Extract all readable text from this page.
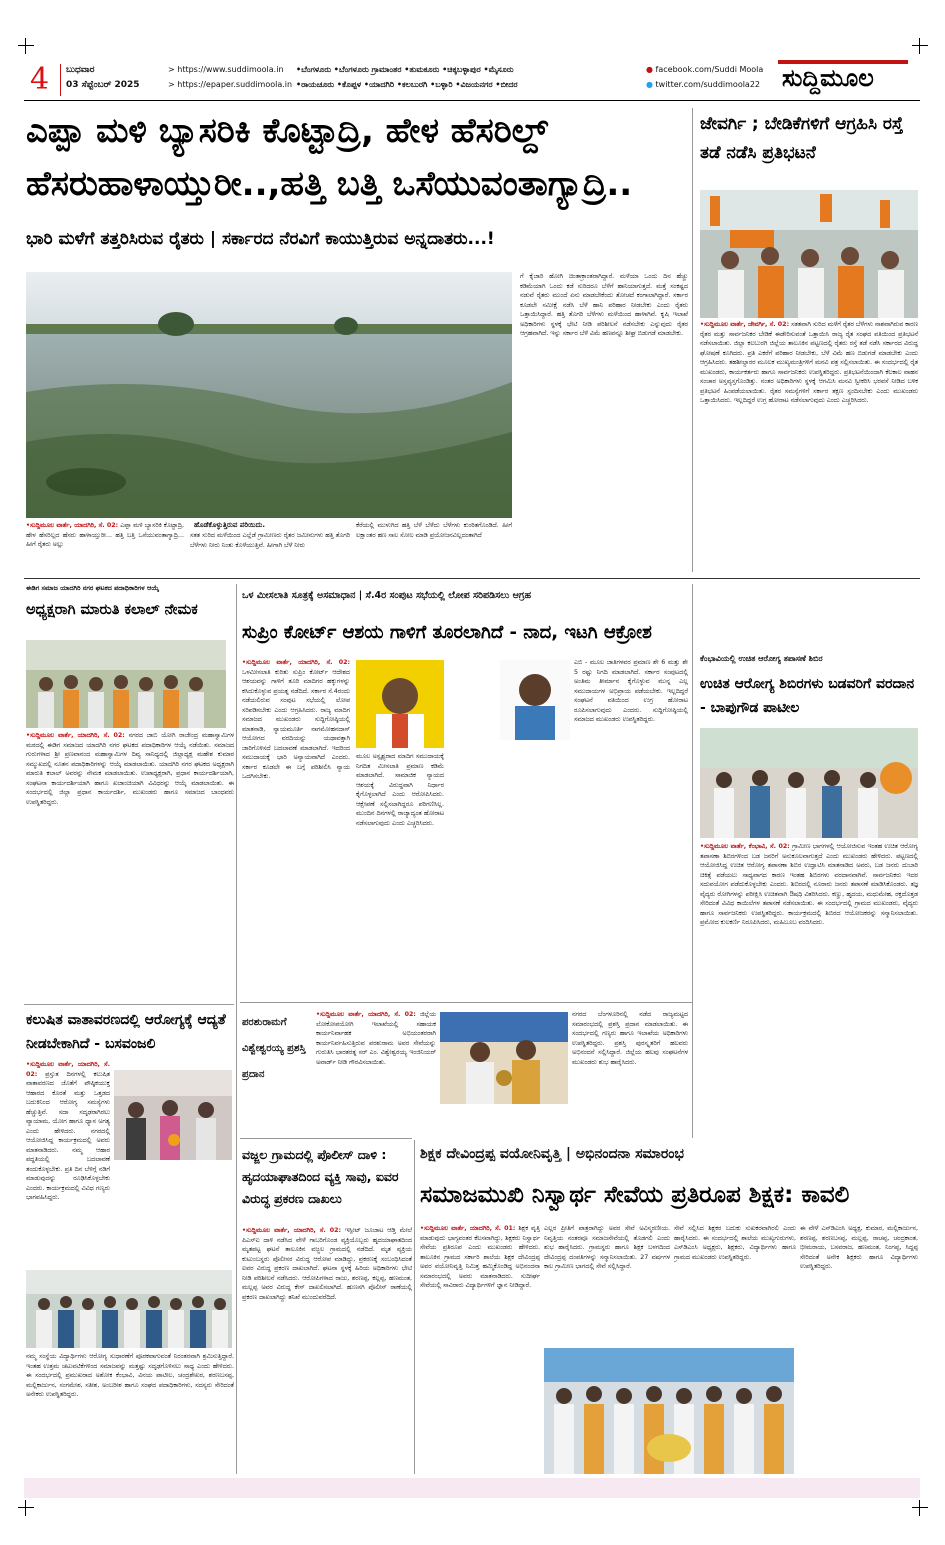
4 ಬುಧವಾರ
03 ಸೆಪ್ಟೆಂಬರ್ 2025
> https://www.suddimoola.in
> https://epaper.suddimoola.in
•ಬೆಂಗಳೂರು •ಬೆಂಗಳೂರು ಗ್ರಾಮಾಂತರ •ತುಮಕೂರು •ಚಿಕ್ಕಬಳ್ಳಾಪುರ •ಮೈಸೂರು
•ರಾಯಚೂರು •ಕೊಪ್ಪಳ •ಯಾದಗಿರಿ •ಕಲಬುರಗಿ •ಬಳ್ಳಾರಿ •ವಿಜಯನಗರ •ಬೀದರ
● facebook.com/Suddi Moola
● twitter.com/suddimoola22 ಸುದ್ದಿಮೂಲ
ಎಪ್ಪಾ ಮಳಿ ಬ್ಯಾಸರಿಕಿ ಕೊಟ್ಟಾದ್ರಿ, ಹೇಳ ಹೆಸರಿಲ್ದ್
ಹೆಸರುಹಾಳಾಯ್ತುರೀ..,ಹತ್ತಿ ಬತ್ತಿ ಒಸೆಯುವಂತಾಗ್ಯಾದ್ರಿ..
ಭಾರಿ ಮಳೆಗೆ ತತ್ತರಿಸಿರುವ ರೈತರು | ಸರ್ಕಾರದ ನೆರವಿಗೆ ಕಾಯುತ್ತಿರುವ ಅನ್ನದಾತರು...!
ಹೊಡೆಕೊಳ್ಳುತ್ತಿರುವ ಪರಿಯಿದು.
•ಸುದ್ದಿಮೂಲ ವಾರ್ತೆ, ಯಾದಗಿರಿ, ಸೆ. 02: ಎಪ್ಪಾ ಮಳಿ ಬ್ಯಾಸರಿಕಿ ಕೊಟ್ಟಾದ್ರಿ, ಹೇಳ ಹೆಸರಿಲ್ಲದ ಹೆಸರು ಹಾಳಾಯ್ತುರೀ... ಹತ್ತಿ ಬತ್ತಿ ಒಸೆಯುವಂತಾಗ್ಯಾದ್ರಿ... ಹೀಗೆ ರೈತರು ಅಲ್ಲು
ಸತತ ಸುರಿದ ಮಳೆಯಿಂದ ಎಲ್ಲೆಡೆ ಗ್ರಾಮೀಣರು ರೈತರ ಜಮೀನುಗಳು ಹತ್ತಿ ತೊಗರಿ ಬೆಳೆಗಳು ನೀರು ನಿಂತು ಕೊಳೆಯುತ್ತಿವೆ. ಹೀಗಾಗಿ ಬೆಳೆ ನೀರು
ಕೆರೆಯಲ್ಲಿ ಮುಳುಗಿದ ಹತ್ತಿ ಬೆಳೆ ಬೆಳೆದು ಬೆಳೆಗಳು ಕುಂಠಿತಗೊಂಡಿದೆ. ಹೀಗೆ ಲಕ್ಷಾಂತರ ಹಣ ಸಾಲ ಸೋಲ ಮಾಡಿ ಪ್ರಯೋಜನವಿಲ್ಲದಂತಾಗಿದೆ
ಗೆ ಕೈಜಾರಿ ಹೋಗಿ ಚಿಂತಾಕ್ರಾಂತರಾಗಿದ್ದಾರೆ. ಮಳೆಯಾ ಒಂದು ದಿನ ಹೆಚ್ಚು ಕಡಿಮೆಯಾಗಿ ಒಂದು ಕಡೆ ಸುರಿದರೂ ಬೆಳೆಗೆ ಹಾನಿಯಾಗುತ್ತದೆ. ಮತ್ತೆ ಸಂಕಷ್ಟದ ನಡುವೆ ರೈತರು ಮುಂದೆ ಏನು ಮಾಡಬೇಕೆಂದು ತೋಚದೆ ಕಂಗಾಲಾಗಿದ್ದಾರೆ. ಸರ್ಕಾರ ಕೂಡಲೇ ಸಮೀಕ್ಷೆ ನಡೆಸಿ ಬೆಳೆ ಹಾನಿ ಪರಿಹಾರ ನೀಡಬೇಕು ಎಂದು ರೈತರು ಒತ್ತಾಯಿಸಿದ್ದಾರೆ. ಹತ್ತಿ ತೊಗರಿ ಬೆಳೆಗಳು ಮಳೆಯಿಂದ ಹಾಳಾಗಿವೆ. ಕೃಷಿ ಇಲಾಖೆ ಅಧಿಕಾರಿಗಳು ಸ್ಥಳಕ್ಕೆ ಭೇಟಿ ನೀಡಿ ಪರಿಶೀಲನೆ ನಡೆಸಬೇಕು ಎನ್ನುವುದು ರೈತರ ಆಗ್ರಹವಾಗಿದೆ. ಇನ್ನು ಸರ್ಕಾರ ಬೆಳೆ ವಿಮೆ ಹಣವನ್ನೂ ಶೀಘ್ರ ಬಿಡುಗಡೆ ಮಾಡಬೇಕು.
ಜೇವರ್ಗಿ ; ಬೇಡಿಕೆಗಳಿಗೆ ಆಗ್ರಹಿಸಿ ರಸ್ತೆ ತಡೆ ನಡೆಸಿ ಪ್ರತಿಭಟನೆ
•ಸುದ್ದಿಮೂಲ ವಾರ್ತೆ, ಜೇವರ್ಗಿ, ಸೆ. 02: ಸತತವಾಗಿ ಸುರಿದ ಮಳೆಗೆ ರೈತರ ಬೆಳೆಗಳು ನಾಶವಾಗಿರುವ ಕಾರಣ ರೈತರ ಮತ್ತು ಸಾರ್ವಜನಿಕರ ಬೇಡಿಕೆ ಈಡೇರಿಸುವಂತೆ ಒತ್ತಾಯಿಸಿ ರಾಜ್ಯ ರೈತ ಸಂಘದ ವತಿಯಿಂದ ಪ್ರತಿಭಟನೆ ನಡೆಸಲಾಯಿತು. ಜಿಲ್ಲಾ ಕಲಬುರಗಿ ಜಿಲ್ಲೆಯ ತಾಲೂಕಿನ ಪಟ್ಟಣದಲ್ಲಿ ರೈತರು ರಸ್ತೆ ತಡೆ ನಡೆಸಿ ಸರ್ಕಾರದ ವಿರುದ್ಧ ಘೋಷಣೆ ಕೂಗಿದರು. ಪ್ರತಿ ಎಕರೆಗೆ ಪರಿಹಾರ ನೀಡಬೇಕು, ಬೆಳೆ ವಿಮೆ ಹಣ ಬಿಡುಗಡೆ ಮಾಡಬೇಕು ಎಂದು ಆಗ್ರಹಿಸಿದರು. ತಹಶೀಲ್ದಾರರ ಮೂಲಕ ಮುಖ್ಯಮಂತ್ರಿಗಳಿಗೆ ಮನವಿ ಪತ್ರ ಸಲ್ಲಿಸಲಾಯಿತು. ಈ ಸಂದರ್ಭದಲ್ಲಿ ರೈತ ಮುಖಂಡರು, ಕಾರ್ಯಕರ್ತರು ಹಾಗೂ ಸಾರ್ವಜನಿಕರು ಉಪಸ್ಥಿತರಿದ್ದರು. ಪ್ರತಿಭಟನೆಯಿಂದಾಗಿ ಕೆಲಕಾಲ ವಾಹನ ಸಂಚಾರ ಅಸ್ತವ್ಯಸ್ತಗೊಂಡಿತ್ತು. ನಂತರ ಅಧಿಕಾರಿಗಳು ಸ್ಥಳಕ್ಕೆ ಆಗಮಿಸಿ ಮನವಿ ಸ್ವೀಕರಿಸಿ ಭರವಸೆ ನೀಡಿದ ಬಳಿಕ ಪ್ರತಿಭಟನೆ ಹಿಂಪಡೆಯಲಾಯಿತು. ರೈತರ ಸಮಸ್ಯೆಗಳಿಗೆ ಸರ್ಕಾರ ತಕ್ಷಣ ಸ್ಪಂದಿಸಬೇಕು ಎಂದು ಮುಖಂಡರು ಒತ್ತಾಯಿಸಿದರು. ಇಲ್ಲದಿದ್ದರೆ ಉಗ್ರ ಹೋರಾಟ ನಡೆಸಲಾಗುವುದು ಎಂದು ಎಚ್ಚರಿಸಿದರು.
ಈಡಿಗ ಸಮಾಜ ಯಾದಗಿರಿ ನಗರ ಘಟಕದ ಪದಾಧಿಕಾರಿಗಳ ಆಯ್ಕೆ
ಅಧ್ಯಕ್ಷರಾಗಿ ಮಾರುತಿ ಕಲಾಲ್ ನೇಮಕ
•ಸುದ್ದಿಮೂಲ ವಾರ್ತೆ, ಯಾದಗಿರಿ, ಸೆ. 02: ನಗರದ ಜಾಬಿ ಯೋಗಿ ರಾಜೇಂದ್ರ ಮಹಾಸ್ವಾಮಿಗಳ ಮಠದಲ್ಲಿ ಈಡಿಗ ಸಮಾಜದ ಯಾದಗಿರಿ ನಗರ ಘಟಕದ ಪದಾಧಿಕಾರಿಗಳ ಆಯ್ಕೆ ನಡೆಯಿತು. ಸಮಾಜದ ಗುರುಗಳಾದ ಶ್ರೀ ಪ್ರಣವಾನಂದ ಮಹಾಸ್ವಾಮಿಗಳ ದಿವ್ಯ ಸಾನಿಧ್ಯದಲ್ಲಿ ಜಿಲ್ಲಾಧ್ಯಕ್ಷ ಮಹೇಶ ಕುಮಾರ ಸಮ್ಮುಖದಲ್ಲಿ ನೂತನ ಪದಾಧಿಕಾರಿಗಳನ್ನು ಆಯ್ಕೆ ಮಾಡಲಾಯಿತು. ಯಾದಗಿರಿ ನಗರ ಘಟಕದ ಅಧ್ಯಕ್ಷರಾಗಿ ಮಾರುತಿ ಕಲಾಲ್ ಅವರನ್ನು ನೇಮಕ ಮಾಡಲಾಯಿತು. ಉಪಾಧ್ಯಕ್ಷರಾಗಿ, ಪ್ರಧಾನ ಕಾರ್ಯದರ್ಶಿಯಾಗಿ, ಸಂಘಟನಾ ಕಾರ್ಯದರ್ಶಿಯಾಗಿ ಹಾಗೂ ಖಜಾಂಚಿಯಾಗಿ ವಿವಿಧರನ್ನು ಆಯ್ಕೆ ಮಾಡಲಾಯಿತು. ಈ ಸಂದರ್ಭದಲ್ಲಿ ಜಿಲ್ಲಾ ಪ್ರಧಾನ ಕಾರ್ಯದರ್ಶಿ, ಮುಖಂಡರು ಹಾಗೂ ಸಮಾಜದ ಬಾಂಧವರು ಉಪಸ್ಥಿತರಿದ್ದರು.
ಕಲುಷಿತ ವಾತಾವರಣದಲ್ಲಿ ಆರೋಗ್ಯಕ್ಕೆ ಆದ್ಯತೆ ನೀಡಬೇಕಾಗಿದೆ - ಬಸವಂಜಲಿ
•ಸುದ್ದಿಮೂಲ ವಾರ್ತೆ, ಯಾದಗಿರಿ, ಸೆ. 02: ಪ್ರಸ್ತುತ ದಿನಗಳಲ್ಲಿ ಕಲುಷಿತ ವಾತಾವರಣದ ಜೊತೆಗೆ ಪೌಷ್ಠಿಕಯುಕ್ತ ಆಹಾರದ ಕೊರತೆ ಮತ್ತು ಒತ್ತಡದ ಬದುಕಿನಿಂದ ಆರೋಗ್ಯ ಸಮಸ್ಯೆಗಳು ಹೆಚ್ಚುತ್ತಿವೆ. ಸದಾ ಸದೃಢರಾಗಿರಲು ವ್ಯಾಯಾಮ, ಯೋಗ ಹಾಗೂ ಧ್ಯಾನ ಅಗತ್ಯ ಎಂದು ಹೇಳಿದರು. ನಗರದಲ್ಲಿ ಆಯೋಜಿಸಿದ್ದ ಕಾರ್ಯಕ್ರಮದಲ್ಲಿ ಅವರು ಮಾತನಾಡಿದರು. ನಮ್ಮ ಆಹಾರ ಪದ್ಧತಿಯಲ್ಲಿ ಬದಲಾವಣೆ ತಂದುಕೊಳ್ಳಬೇಕು. ಪ್ರತಿ ದಿನ ಬೆಳಿಗ್ಗೆ ನಡಿಗೆ ಮಾಡುವುದನ್ನು ರೂಢಿಸಿಕೊಳ್ಳಬೇಕು ಎಂದರು. ಕಾರ್ಯಕ್ರಮದಲ್ಲಿ ವಿವಿಧ ಗಣ್ಯರು ಭಾಗವಹಿಸಿದ್ದರು.
ನಮ್ಮ ಸಂಸ್ಥೆಯ ವಿದ್ಯಾರ್ಥಿಗಳು ಆರೋಗ್ಯ ಸುಧಾರಣೆಗೆ ಪೂರಕವಾಗುವಂತೆ ನಿರಂತರವಾಗಿ ಶ್ರಮಿಸುತ್ತಿದ್ದಾರೆ. ಇಂತಹ ಉತ್ತಮ ಚಟುವಟಿಕೆಗಳಿಂದ ಸಮಾಜವನ್ನು ಮತ್ತಷ್ಟು ಸದೃಢಗೊಳಿಸಲು ಸಾಧ್ಯ ಎಂದು ಹೇಳಿದರು. ಈ ಸಂದರ್ಭದಲ್ಲಿ ಪ್ರಮುಖರಾದ ಅಶೋಕ ಕೆಂಭಾವಿ, ವಿನಯ ಪಾಟೀಲ, ಚಂದ್ರಶೇಖರ, ಶರಣಬಸಪ್ಪ, ಮಲ್ಲಿಕಾರ್ಜುನ, ಸಂಗಮೇಶ, ಸತೀಶ, ಅಂಬರೀಶ ಹಾಗೂ ಸಂಘದ ಪದಾಧಿಕಾರಿಗಳು, ಸದಸ್ಯರು ಸೇರಿದಂತೆ ಅನೇಕರು ಉಪಸ್ಥಿತರಿದ್ದರು.
ಒಳ ಮೀಸಲಾತಿ ಸೂತ್ರಕ್ಕೆ ಅಸಮಾಧಾನ | ಸೆ.4ರ ಸಂಪುಟ ಸಭೆಯಲ್ಲಿ ಲೋಪ ಸರಿಪಡಿಸಲು ಆಗ್ರಹ
ಸುಪ್ರಿಂ ಕೋರ್ಟ್ ಆಶಯ ಗಾಳಿಗೆ ತೂರಲಾಗಿದೆ - ನಾದ, ಇಟಗಿ ಆಕ್ರೋಶ
•ಸುದ್ದಿಮೂಲ ವಾರ್ತೆ, ಯಾದಗಿರಿ, ಸೆ. 02: ಒಳಮೀಸಲಾತಿ ಕುರಿತು ಸುಪ್ರಿಂ ಕೋರ್ಟ್ ಆದೇಶದ ಆಶಯವನ್ನು ಗಾಳಿಗೆ ತೂರಿ ಮಾದಿಗರ ಹಕ್ಕುಗಳನ್ನು ಕಸಿದುಕೊಳ್ಳುವ ಪ್ರಯತ್ನ ನಡೆದಿದೆ. ಸರ್ಕಾರ ಸೆ.4ರಂದು ನಡೆಯಲಿರುವ ಸಂಪುಟ ಸಭೆಯಲ್ಲಿ ಲೋಪ ಸರಿಪಡಿಸಬೇಕು ಎಂದು ಆಗ್ರಹಿಸಿದರು. ರಾಜ್ಯ ಮಾದಿಗ ಸಮಾಜದ ಮುಖಂಡರು ಸುದ್ದಿಗೋಷ್ಠಿಯಲ್ಲಿ ಮಾತನಾಡಿ, ನ್ಯಾಯಮೂರ್ತಿ ನಾಗಮೋಹನದಾಸ್ ಆಯೋಗದ ವರದಿಯನ್ನು ಯಥಾವತ್ತಾಗಿ ಜಾರಿಗೊಳಿಸದೆ ಬದಲಾವಣೆ ಮಾಡಲಾಗಿದೆ. ಇದರಿಂದ ಸಮುದಾಯಕ್ಕೆ ಭಾರಿ ಅನ್ಯಾಯವಾಗಿದೆ ಎಂದರು. ಸರ್ಕಾರ ಕೂಡಲೇ ಈ ಬಗ್ಗೆ ಪರಿಶೀಲಿಸಿ ನ್ಯಾಯ ಒದಗಿಸಬೇಕು.
ಮೂಲ ಅಸ್ಪೃಶ್ಯರಾದ ಮಾದಿಗ ಸಮುದಾಯಕ್ಕೆ ನಿಗದಿತ ಮೀಸಲಾತಿ ಪ್ರಮಾಣ ಕಡಿಮೆ ಮಾಡಲಾಗಿದೆ. ಸಾಮಾಜಿಕ ನ್ಯಾಯದ ಆಶಯಕ್ಕೆ ವಿರುದ್ಧವಾಗಿ ನಿರ್ಧಾರ ಕೈಗೊಳ್ಳಲಾಗಿದೆ ಎಂದು ಆರೋಪಿಸಿದರು. ಆಕ್ಷೇಪಣೆ ಸಲ್ಲಿಸಲಾಗಿದ್ದರೂ ಪರಿಗಣಿಸಿಲ್ಲ. ಮುಂದಿನ ದಿನಗಳಲ್ಲಿ ರಾಜ್ಯಾದ್ಯಂತ ಹೋರಾಟ ನಡೆಸಲಾಗುವುದು ಎಂದು ಎಚ್ಚರಿಸಿದರು.
ಎಬಿ - ಮೂಲ ಜಾತಿಗಳವರ ಪ್ರಮಾಣ ಶೇ 6 ಮತ್ತು ಶೇ 5 ರಷ್ಟು ನಿಗದಿ ಮಾಡಲಾಗಿದೆ. ಸರ್ಕಾರ ಸಂಪುಟದಲ್ಲಿ ಅಂತಿಮ ತೀರ್ಮಾನ ಕೈಗೊಳ್ಳುವ ಮುನ್ನ ಎಲ್ಲ ಸಮುದಾಯಗಳ ಅಭಿಪ್ರಾಯ ಪಡೆಯಬೇಕು. ಇಲ್ಲದಿದ್ದರೆ ಸಂಘಟನೆ ವತಿಯಿಂದ ಉಗ್ರ ಹೋರಾಟ ರೂಪಿಸಲಾಗುವುದು ಎಂದರು. ಸುದ್ದಿಗೋಷ್ಠಿಯಲ್ಲಿ ಸಮಾಜದ ಮುಖಂಡರು ಉಪಸ್ಥಿತರಿದ್ದರು.
ಪರಶುರಾಮಗೆ ವಿಶ್ವೇಶ್ವರಯ್ಯ ಪ್ರಶಸ್ತಿ ಪ್ರದಾನ
•ಸುದ್ದಿಮೂಲ ವಾರ್ತೆ, ಯಾದಗಿರಿ, ಸೆ. 02: ಜಿಲ್ಲೆಯ ಲೋಕೋಪಯೋಗಿ ಇಲಾಖೆಯಲ್ಲಿ ಸಹಾಯಕ ಕಾರ್ಯನಿರ್ವಾಹಕ ಅಭಿಯಂತರರಾಗಿ ಕಾರ್ಯನಿರ್ವಹಿಸುತ್ತಿರುವ ಪರಶುರಾಮ ಅವರ ಸೇವೆಯನ್ನು ಗುರುತಿಸಿ ಭಾರತರತ್ನ ಸರ್ ಎಂ. ವಿಶ್ವೇಶ್ವರಯ್ಯ ಇಂಜಿನಿಯರ್ ಅವಾರ್ಡ್ ನೀಡಿ ಗೌರವಿಸಲಾಯಿತು.
ನಗರದ ಬೆಂಗಳೂರಿನಲ್ಲಿ ನಡೆದ ರಾಜ್ಯಮಟ್ಟದ ಸಮಾರಂಭದಲ್ಲಿ ಪ್ರಶಸ್ತಿ ಪ್ರದಾನ ಮಾಡಲಾಯಿತು. ಈ ಸಂದರ್ಭದಲ್ಲಿ ಗಣ್ಯರು ಹಾಗೂ ಇಲಾಖೆಯ ಅಧಿಕಾರಿಗಳು ಉಪಸ್ಥಿತರಿದ್ದರು. ಪ್ರಶಸ್ತಿ ಪುರಸ್ಕೃತರಿಗೆ ಹಲವರು ಅಭಿನಂದನೆ ಸಲ್ಲಿಸಿದ್ದಾರೆ. ಜಿಲ್ಲೆಯ ಹಲವು ಸಂಘಟನೆಗಳ ಮುಖಂಡರು ಶುಭ ಹಾರೈಸಿದರು.
ವಜ್ಜಲ ಗ್ರಾಮದಲ್ಲಿ ಪೊಲೀಸ್ ದಾಳಿ : ಹೃದಯಾಘಾತದಿಂದ ವ್ಯಕ್ತಿ ಸಾವು, ಐವರ ವಿರುದ್ಧ ಪ್ರಕರಣ ದಾಖಲು
•ಸುದ್ದಿಮೂಲ ವಾರ್ತೆ, ಯಾದಗಿರಿ, ಸೆ. 02: ಇಸ್ಪೀಟ್ ಜೂಜಾಟ ಆಡ್ತಿ ಮೇಲೆ ಪಿಎಸ್‌ಐ ದಾಳಿ ನಡೆಸಿದ ವೇಳೆ ಗಾಬರಿಗೊಂಡ ವ್ಯಕ್ತಿಯೊಬ್ಬರು ಹೃದಯಾಘಾತದಿಂದ ಮೃತಪಟ್ಟ ಘಟನೆ ತಾಲೂಕಿನ ವಜ್ಜಲ ಗ್ರಾಮದಲ್ಲಿ ನಡೆದಿದೆ. ಮೃತ ವ್ಯಕ್ತಿಯ ಕುಟುಂಬಸ್ಥರು ಪೊಲೀಸರ ವಿರುದ್ಧ ಆರೋಪ ಮಾಡಿದ್ದು, ಪ್ರಕರಣಕ್ಕೆ ಸಂಬಂಧಿಸಿದಂತೆ ಐವರ ವಿರುದ್ಧ ಪ್ರಕರಣ ದಾಖಲಾಗಿದೆ. ಘಟನಾ ಸ್ಥಳಕ್ಕೆ ಹಿರಿಯ ಅಧಿಕಾರಿಗಳು ಭೇಟಿ ನೀಡಿ ಪರಿಶೀಲನೆ ನಡೆಸಿದರು. ಆರೋಪಿಗಳಾದ ರಾಜು, ಶರಣಪ್ಪ, ಕಲ್ಲಪ್ಪ, ಹಣಮಂತ, ಮಲ್ಲಪ್ಪ ಅವರ ವಿರುದ್ಧ ಕೇಸ್ ದಾಖಲಿಸಲಾಗಿದೆ. ಹುಣಸಗಿ ಪೊಲೀಸ್ ಠಾಣೆಯಲ್ಲಿ ಪ್ರಕರಣ ದಾಖಲಾಗಿದ್ದು ತನಿಖೆ ಮುಂದುವರೆದಿದೆ.
ಶಿಕ್ಷಕ ದೇವಿಂದ್ರಪ್ಪ ವಯೋನಿವೃತ್ತಿ | ಅಭಿನಂದನಾ ಸಮಾರಂಭ
ಸಮಾಜಮುಖಿ ನಿಸ್ವಾರ್ಥ ಸೇವೆಯ ಪ್ರತಿರೂಪ ಶಿಕ್ಷಕ: ಕಾವಲಿ
•ಸುದ್ದಿಮೂಲ ವಾರ್ತೆ, ಯಾದಗಿರಿ, ಸೆ. 01: ಶಿಕ್ಷಕ ವೃತ್ತಿ ಮಾಡುವುದು ಭಾಗ್ಯವಂತರ ಕೆಲಸವಾಗಿದ್ದು, ಶಿಕ್ಷಕರು ನಿಸ್ವಾರ್ಥ ಸೇವೆಯ ಪ್ರತಿರೂಪ ಎಂದು ಮುಖಂಡರು ಹೇಳಿದರು. ತಾಲೂಕಿನ ಗ್ರಾಮದ ಸರ್ಕಾರಿ ಶಾಲೆಯ ಶಿಕ್ಷಕ ದೇವಿಂದ್ರಪ್ಪ ಅವರ ವಯೋನಿವೃತ್ತಿ ನಿಮಿತ್ತ ಹಮ್ಮಿಕೊಂಡಿದ್ದ ಅಭಿನಂದನಾ ಸಮಾರಂಭದಲ್ಲಿ ಅವರು ಮಾತನಾಡಿದರು. ಸುದೀರ್ಘ ಸೇವೆಯಲ್ಲಿ ಸಾವಿರಾರು ವಿದ್ಯಾರ್ಥಿಗಳಿಗೆ ಜ್ಞಾನ ನೀಡಿದ್ದಾರೆ.
ಎಲ್ಲರ ಪ್ರೀತಿಗೆ ಪಾತ್ರರಾಗಿದ್ದು ಅವರ ಸೇವೆ ಅವಿಸ್ಮರಣೀಯ. ನಿವೃತ್ತಿಯ ನಂತರವೂ ಸಮಾಜಸೇವೆಯಲ್ಲಿ ತೊಡಗಲಿ ಎಂದು ಶುಭ ಹಾರೈಸಿದರು. ಗ್ರಾಮಸ್ಥರು ಹಾಗೂ ಶಿಕ್ಷಕ ಬಳಗದಿಂದ ದೇವಿಂದ್ರಪ್ಪ ದಂಪತಿಗಳನ್ನು ಸನ್ಮಾನಿಸಲಾಯಿತು. 27 ವರ್ಷಗಳ ಕಾಲ ಗ್ರಾಮೀಣ ಭಾಗದಲ್ಲಿ ಸೇವೆ ಸಲ್ಲಿಸಿದ್ದಾರೆ.
ಸೇವೆ ಸಲ್ಲಿಸಿದ ಶಿಕ್ಷಕರ ಬದುಕು ಸುಖಕರವಾಗಿರಲಿ ಎಂದು ಹಾರೈಸಿದರು. ಈ ಸಂದರ್ಭದಲ್ಲಿ ಶಾಲೆಯ ಮುಖ್ಯಗುರುಗಳು, ಎಸ್‌ಡಿಎಂಸಿ ಅಧ್ಯಕ್ಷರು, ಶಿಕ್ಷಕರು, ವಿದ್ಯಾರ್ಥಿಗಳು ಹಾಗೂ ಗ್ರಾಮದ ಮುಖಂಡರು ಉಪಸ್ಥಿತರಿದ್ದರು.
ಈ ವೇಳೆ ಎಸ್‌ಡಿಎಂಸಿ ಅಧ್ಯಕ್ಷ, ಕುಮಾರ, ಮಲ್ಲಿಕಾರ್ಜುನ, ಶರಣಪ್ಪ, ಶರಣಬಸಪ್ಪ, ಮಲ್ಲಪ್ಪ, ರಾಚಪ್ಪ, ಚಂದ್ರಕಾಂತ, ಭೀಮರಾಯ, ಬಸವರಾಜ, ಹಣಮಂತ, ನಿಂಗಪ್ಪ, ಸಿದ್ದಪ್ಪ ಸೇರಿದಂತೆ ಅನೇಕ ಶಿಕ್ಷಕರು ಹಾಗೂ ವಿದ್ಯಾರ್ಥಿಗಳು ಉಪಸ್ಥಿತರಿದ್ದರು.
ಕೆಂಭಾವಿಯಲ್ಲಿ ಉಚಿತ ಆರೋಗ್ಯ ತಪಾಸಣೆ ಶಿಬಿರ
ಉಚಿತ ಆರೋಗ್ಯ ಶಿಬಿರಗಳು ಬಡವರಿಗೆ ವರದಾನ - ಬಾಪುಗೌಡ ಪಾಟೀಲ
•ಸುದ್ದಿಮೂಲ ವಾರ್ತೆ, ಕೆಂಭಾವಿ, ಸೆ. 02: ಗ್ರಾಮೀಣ ಭಾಗಗಳಲ್ಲಿ ಆಯೋಜಿಸುವ ಇಂತಹ ಉಚಿತ ಆರೋಗ್ಯ ತಪಾಸಣಾ ಶಿಬಿರಗಳಿಂದ ಬಡ ಜನರಿಗೆ ಅನುಕೂಲವಾಗುತ್ತದೆ ಎಂದು ಮುಖಂಡರು ಹೇಳಿದರು. ಪಟ್ಟಣದಲ್ಲಿ ಆಯೋಜಿಸಿದ್ದ ಉಚಿತ ಆರೋಗ್ಯ ತಪಾಸಣಾ ಶಿಬಿರ ಉದ್ಘಾಟಿಸಿ ಮಾತನಾಡಿದ ಅವರು, ಬಡ ಜನರು ದುಬಾರಿ ಚಿಕಿತ್ಸೆ ಪಡೆಯಲು ಸಾಧ್ಯವಾಗದ ಕಾರಣ ಇಂತಹ ಶಿಬಿರಗಳು ವರದಾನವಾಗಿವೆ. ಸಾರ್ವಜನಿಕರು ಇದರ ಸದುಪಯೋಗ ಪಡೆದುಕೊಳ್ಳಬೇಕು ಎಂದರು. ಶಿಬಿರದಲ್ಲಿ ನೂರಾರು ಜನರು ತಪಾಸಣೆ ಮಾಡಿಸಿಕೊಂಡರು. ತಜ್ಞ ವೈದ್ಯರು ರೋಗಿಗಳನ್ನು ಪರೀಕ್ಷಿಸಿ ಉಚಿತವಾಗಿ ಔಷಧಿ ವಿತರಿಸಿದರು. ಕಣ್ಣು, ಹೃದಯ, ಮಧುಮೇಹ, ರಕ್ತದೊತ್ತಡ ಸೇರಿದಂತೆ ವಿವಿಧ ಕಾಯಿಲೆಗಳ ತಪಾಸಣೆ ನಡೆಸಲಾಯಿತು. ಈ ಸಂದರ್ಭದಲ್ಲಿ ಗ್ರಾಮದ ಮುಖಂಡರು, ವೈದ್ಯರು ಹಾಗೂ ಸಾರ್ವಜನಿಕರು ಉಪಸ್ಥಿತರಿದ್ದರು. ಕಾರ್ಯಕ್ರಮದಲ್ಲಿ ಶಿಬಿರದ ಆಯೋಜಕರನ್ನು ಸನ್ಮಾನಿಸಲಾಯಿತು. ಪ್ರಮೋದ ಕುಲಕರ್ಣಿ ನಿರೂಪಿಸಿದರು, ಮಹಿಬೂಬ ವಂದಿಸಿದರು.
